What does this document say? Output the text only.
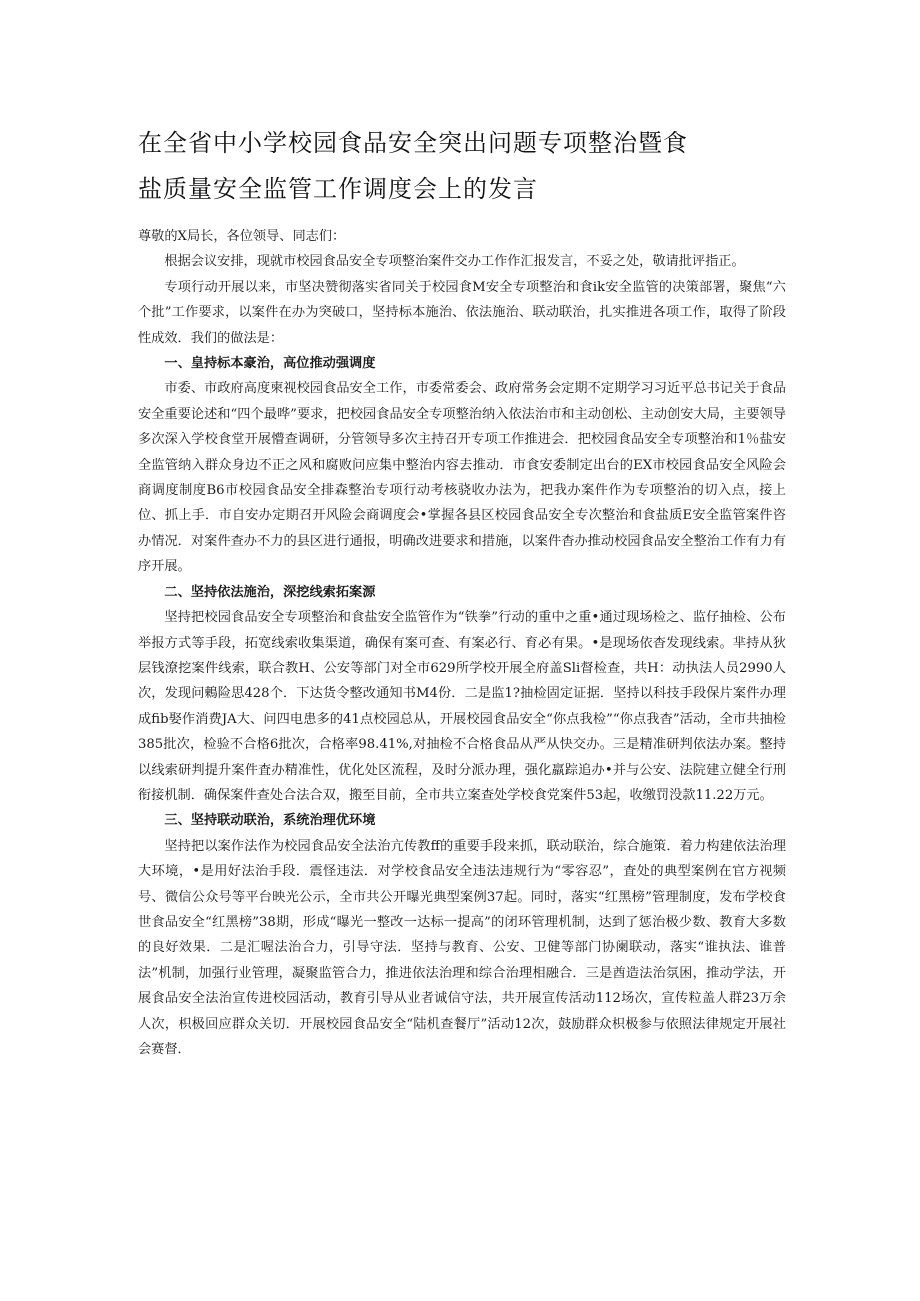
在全省中小学校园食品安全突出问题专项整治暨食
盐质量安全监管工作调度会上的发言

尊敬的X局长，各位领导、同志们：

根据会议安排，现就市校园食品安全专项整治案件交办工作作汇报发言，不妥之处，敬请批评指正。

专项行动开展以来，市坚决赞彻落实省同关于校园食M安全专项整治和食ik安全监管的决策部署，聚焦“六个批”工作要求，以案件在办为突破口，坚持标本施治、依法施治、联动联治，扎实推进各项工作，取得了阶段性成效．我们的做法是：

一、皇持标本豪治，高位推动强调度

市委、市政府高度柬视校园食品安全工作，市委常委会、政府常务会定期不定期学习习近平总书记关于食品安全重要论述和“四个最哗”要求，把校园食品安全专项整治纳入依法治市和主动创松、主动创安大局，主要领导多次深入学校食堂开展懵查调研，分管领导多次主持召开专项工作推进会．把校园食品安全专项整治和1％盐安全监管纳入群众身边不正之风和腐败问应集中整治内容去推动．市食安委制定出台的EX市校园食品安全风险会商调度制度B6市校园食品安全排森整治专项行动考核骁收办法为，把我办案件作为专项整治的切入点，接上位、抓上手．市自安办定期召开风险会商调度会•掌握各县区校园食品安全专次整治和食盐质E安全监管案件咨办情况．对案件查办不力的县区进行通报，明确改进要求和措施，以案件杳办推动校园食品安全整治工作有力有序开展。

二、坚持依法施治，深挖线索拓案源

坚持把校园食品安全专项整治和食盐安全监管作为“铁拳”行动的重中之重•通过现场检之、监仔抽检、公布举报方式等手段，拓宽线索收集渠道，确保有案可查、有案必行、育必有果。•是现场依杳发现线索。芈持从狄层钱潦挖案件线索，联合教H、公安等部门对全市629所学校开展全府盖Sli督检查，共H：动执法人员2990人次，发现问鶇险思428个．下达货令整改通知书M4份．二是监1?抽检固定证据．坚持以科技手段保片案件办理成fib娶作消费JA大、问四电患多的41点校园总从，开展校园食品安全“你点我检”“你点我杳”活动，全市共抽检385批次，检验不合格6批次，合格率98.41%,对抽检不合格食品从严从快交办。三是精准研判依法办案。整持以线索研判提升案件査办精准性，优化处区流程，及时分派办理，强化羸踪追办•并与公安、法院建立健全行刑衔接机制．确保案件查处合法合双，搬至目前，全市共立案查处学校食党案件53起，收缴罚没款11.22万元。

三、坚持联动联治，系统治理优环境

坚持把以案作法作为校园食品安全法治亢传教ff的重要手段来抓，联动联治，综合施策．着力构建依法治理大环境，•是用好法治手段．震怪违法．对学校食品安全违法违规行为“零容忍”，査处的典型案例在官方视频号、微信公众号等平台映光公示，全市共公开曝光典型案例37起。同时，落实“红黑榜”管理制度，发布学校食世食品安全“红黑榜”38期，形成“曝光一整改一达标一提高”的闭环管理机制，达到了惩治极少数、教育大多数的良好效果．二是汇喔法治合力，引导守法．坚持与教育、公安、卫健等部门协阑联动，落实“谁执法、谁普法”机制，加强行业管理，凝聚监管合力，推进依法治理和综合治理相融合．三是酋造法治氛困，推动学法，开展食品安全法治宣传进校园活动，教育引导从业者诚信守法，共开展宣传活动112场次，宣传粒盖人群23万余人次，枳极回应群众关切．开展校园食品安全“陆机查餐厅”活动12次，鼓励群众枳极参与依照法律规定开展社会赛督．
